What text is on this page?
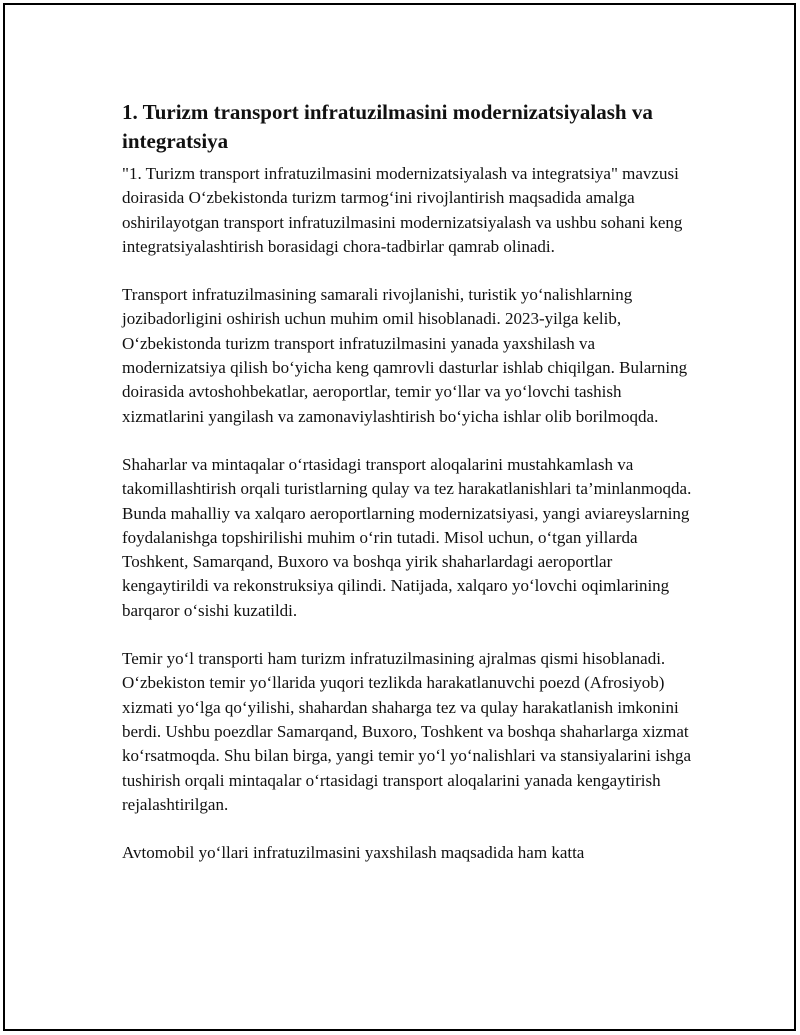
1. Turizm transport infratuzilmasini modernizatsiyalash va integratsiya

"1. Turizm transport infratuzilmasini modernizatsiyalash va integratsiya" mavzusi doirasida O‘zbekistonda turizm tarmog‘ini rivojlantirish maqsadida amalga oshirilayotgan transport infratuzilmasini modernizatsiyalash va ushbu sohani keng integratsiyalashtirish borasidagi chora-tadbirlar qamrab olinadi.

Transport infratuzilmasining samarali rivojlanishi, turistik yo‘nalishlarning jozibadorligini oshirish uchun muhim omil hisoblanadi. 2023-yilga kelib, O‘zbekistonda turizm transport infratuzilmasini yanada yaxshilash va modernizatsiya qilish bo‘yicha keng qamrovli dasturlar ishlab chiqilgan. Bularning doirasida avtoshohbekatlar, aeroportlar, temir yo‘llar va yo‘lovchi tashish xizmatlarini yangilash va zamonaviylashtirish bo‘yicha ishlar olib borilmoqda.

Shaharlar va mintaqalar o‘rtasidagi transport aloqalarini mustahkamlash va takomillashtirish orqali turistlarning qulay va tez harakatlanishlari ta’minlanmoqda. Bunda mahalliy va xalqaro aeroportlarning modernizatsiyasi, yangi aviareyslarning foydalanishga topshirilishi muhim o‘rin tutadi. Misol uchun, o‘tgan yillarda Toshkent, Samarqand, Buxoro va boshqa yirik shaharlardagi aeroportlar kengaytirildi va rekonstruksiya qilindi. Natijada, xalqaro yo‘lovchi oqimlarining barqaror o‘sishi kuzatildi.

Temir yo‘l transporti ham turizm infratuzilmasining ajralmas qismi hisoblanadi. O‘zbekiston temir yo‘llarida yuqori tezlikda harakatlanuvchi poezd (Afrosiyob) xizmati yo‘lga qo‘yilishi, shahardan shaharga tez va qulay harakatlanish imkonini berdi. Ushbu poezdlar Samarqand, Buxoro, Toshkent va boshqa shaharlarga xizmat ko‘rsatmoqda. Shu bilan birga, yangi temir yo‘l yo‘nalishlari va stansiyalarini ishga tushirish orqali mintaqalar o‘rtasidagi transport aloqalarini yanada kengaytirish rejalashtirilgan.

Avtomobil yo‘llari infratuzilmasini yaxshilash maqsadida ham katta
